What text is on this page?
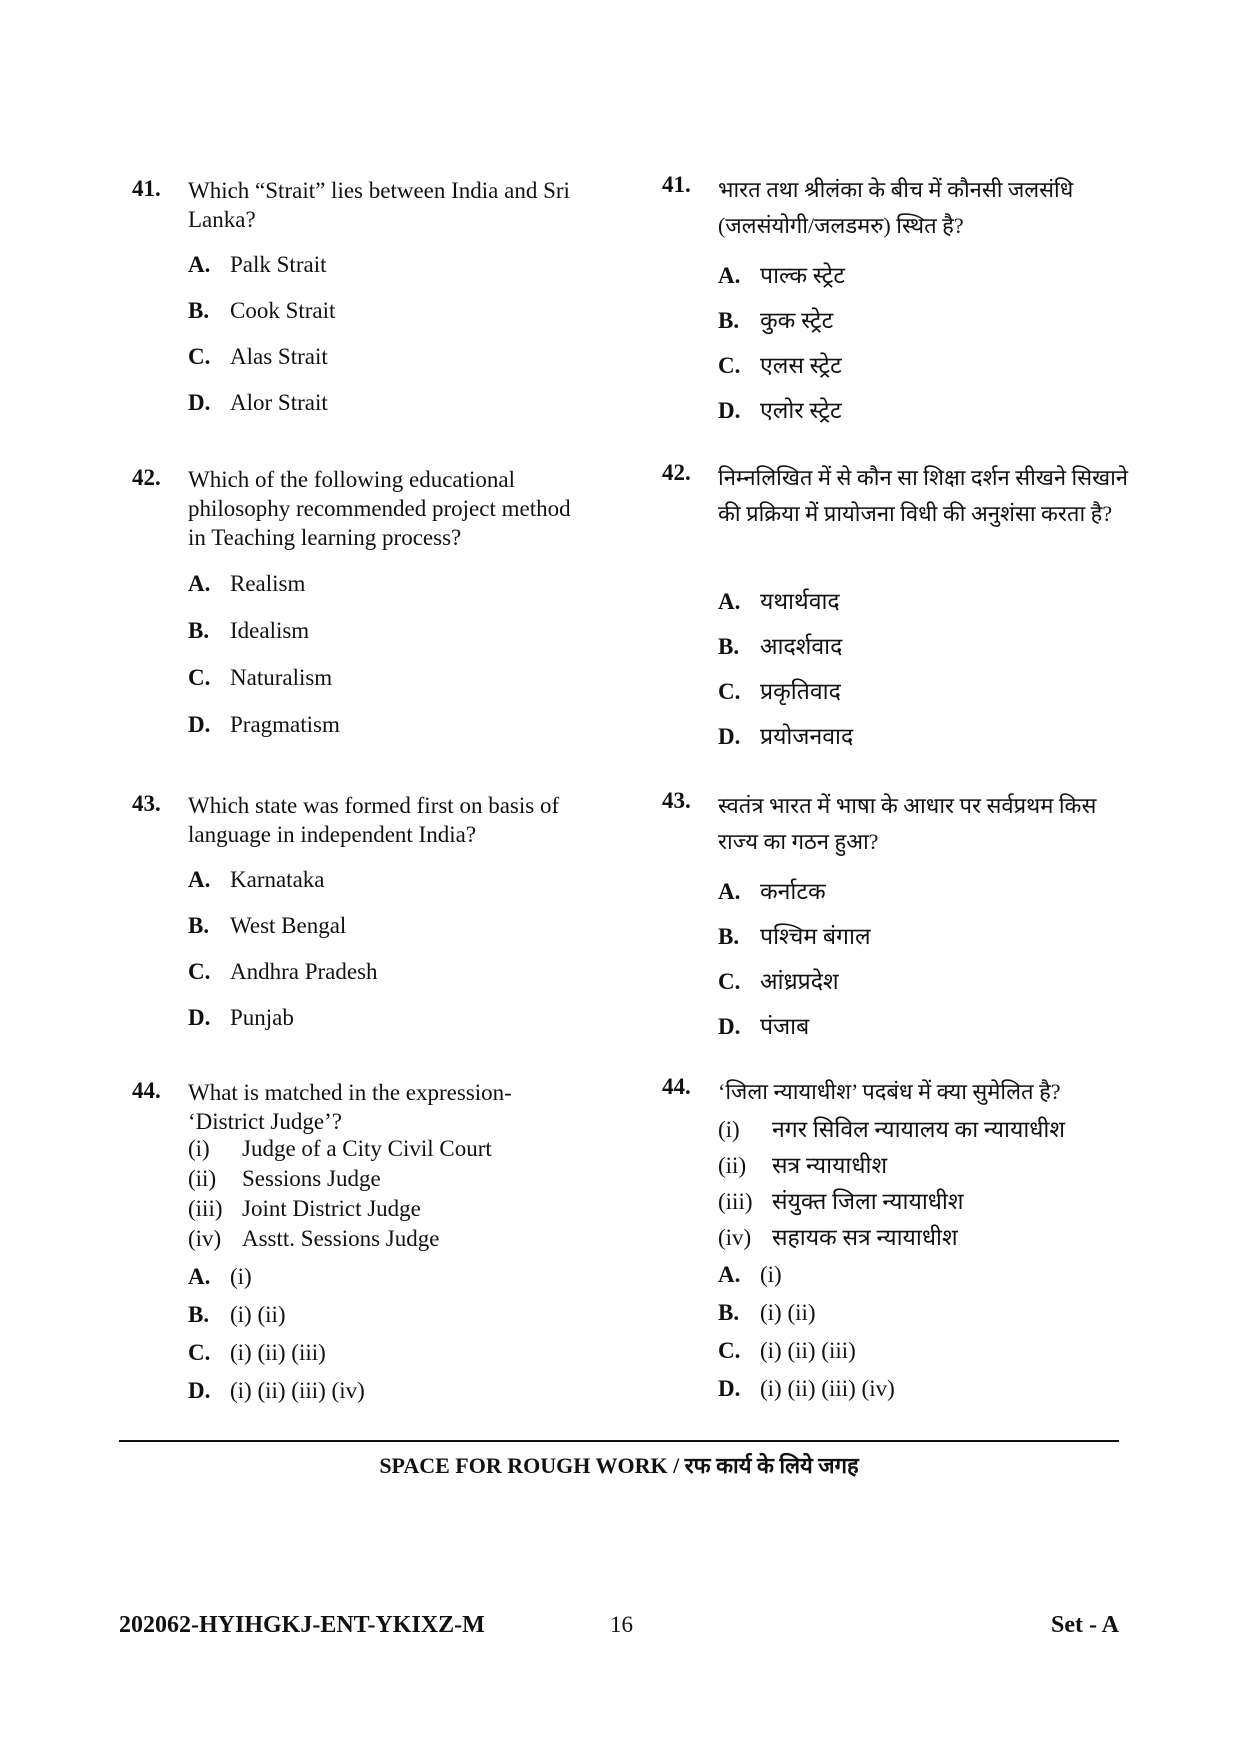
41. Which “Strait” lies between India and Sri Lanka?
A. Palk Strait
B. Cook Strait
C. Alas Strait
D. Alor Strait
42. Which of the following educational philosophy recommended project method in Teaching learning process?
A. Realism
B. Idealism
C. Naturalism
D. Pragmatism
43. Which state was formed first on basis of language in independent India?
A. Karnataka
B. West Bengal
C. Andhra Pradesh
D. Punjab
44. What is matched in the expression- ‘District Judge’?
(i) Judge of a City Civil Court
(ii) Sessions Judge
(iii) Joint District Judge
(iv) Asstt. Sessions Judge
A. (i)
B. (i) (ii)
C. (i) (ii) (iii)
D. (i) (ii) (iii) (iv)
41. भारत तथा श्रीलंका के बीच में कौनसी जलसंधि (जलसंयोगी/जलडमरु) स्थित है?
A. पाल्क स्ट्रेट
B. कुक स्ट्रेट
C. एलस स्ट्रेट
D. एलोर स्ट्रेट
42. निम्नलिखित में से कौन सा शिक्षा दर्शन सीखने सिखाने की प्रक्रिया में प्रायोजना विधी की अनुशंसा करता है?
A. यथार्थवाद
B. आदर्शवाद
C. प्रकृतिवाद
D. प्रयोजनवाद
43. स्वतंत्र भारत में भाषा के आधार पर सर्वप्रथम किस राज्य का गठन हुआ?
A. कर्नाटक
B. पश्चिम बंगाल
C. आंध्रप्रदेश
D. पंजाब
44. ‘जिला न्यायाधीश’ पदबंध में क्या सुमेलित है?
(i) नगर सिविल न्यायालय का न्यायाधीश
(ii) सत्र न्यायाधीश
(iii) संयुक्त जिला न्यायाधीश
(iv) सहायक सत्र न्यायाधीश
A. (i)
B. (i) (ii)
C. (i) (ii) (iii)
D. (i) (ii) (iii) (iv)
SPACE FOR ROUGH WORK / रफ कार्य के लिये जगह
202062-HYIHGKJ-ENT-YKIXZ-M	16	Set - A
